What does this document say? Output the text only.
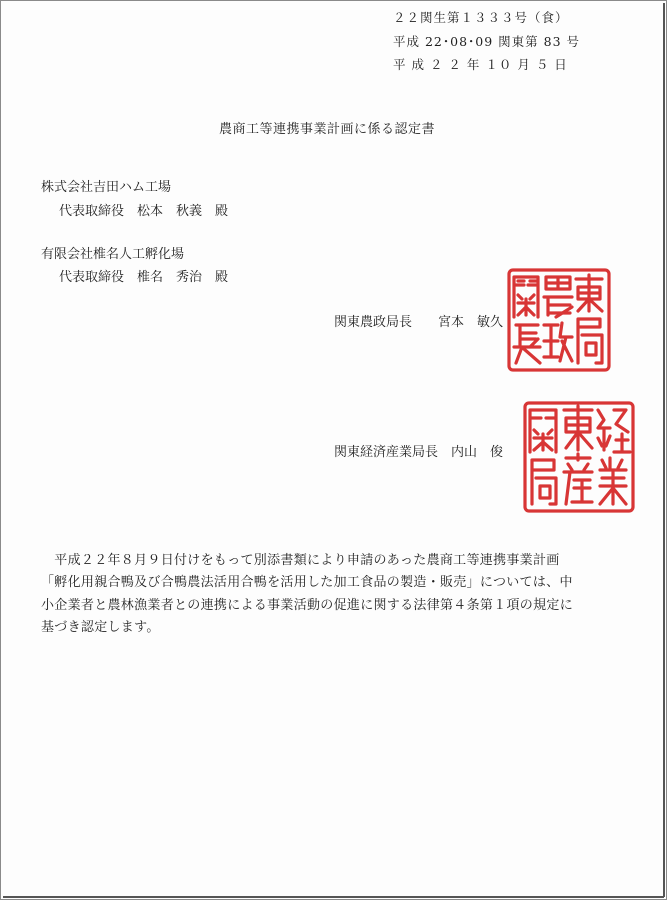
２２関生第１３３３号（食）
平成 22･08･09 関東第 83 号
平 成 ２ ２ 年 １０ 月 ５ 日
農商工等連携事業計画に係る認定書
株式会社吉田ハム工場
代表取締役　松本　秋義　殿
有限会社椎名人工孵化場
代表取締役　椎名　秀治　殿
関東農政局長　　宮本　敏久
関東経済産業局長　内山　俊
　平成２２年８月９日付けをもって別添書類により申請のあった農商工等連携事業計画
「孵化用親合鴨及び合鴨農法活用合鴨を活用した加工食品の製造・販売」については、中
小企業者と農林漁業者との連携による事業活動の促進に関する法律第４条第１項の規定に
基づき認定します。
